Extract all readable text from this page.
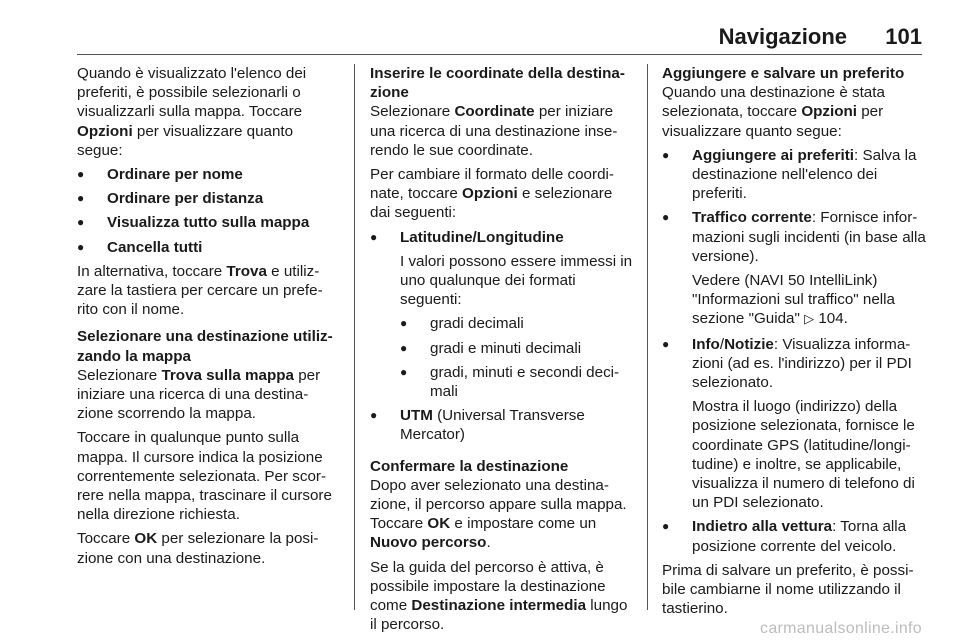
Navigazione 101

Quando è visualizzato l'elenco dei preferiti, è possibile selezionarli o visualizzarli sulla mappa. Toccare Opzioni per visualizzare quanto segue:

● Ordinare per nome
● Ordinare per distanza
● Visualizza tutto sulla mappa
● Cancella tutti

In alternativa, toccare Trova e utiliz-zare la tastiera per cercare un prefe-rito con il nome.

Selezionare una destinazione utiliz-zando la mappa

Selezionare Trova sulla mappa per iniziare una ricerca di una destina-zione scorrendo la mappa.

Toccare in qualunque punto sulla mappa. Il cursore indica la posizione correntemente selezionata. Per scor-rere nella mappa, trascinare il cursore nella direzione richiesta.

Toccare OK per selezionare la posi-zione con una destinazione.

Inserire le coordinate della destina-zione

Selezionare Coordinate per iniziare una ricerca di una destinazione inse-rendo le sue coordinate.

Per cambiare il formato delle coordi-nate, toccare Opzioni e selezionare dai seguenti:

● Latitudine/Longitudine

I valori possono essere immessi in uno qualunque dei formati seguenti:

● gradi decimali
● gradi e minuti decimali
● gradi, minuti e secondi deci-mali
● UTM (Universal Transverse Mercator)

Confermare la destinazione

Dopo aver selezionato una destina-zione, il percorso appare sulla mappa. Toccare OK e impostare come un Nuovo percorso.

Se la guida del percorso è attiva, è possibile impostare la destinazione come Destinazione intermedia lungo il percorso.

Aggiungere e salvare un preferito

Quando una destinazione è stata selezionata, toccare Opzioni per visualizzare quanto segue:

● Aggiungere ai preferiti: Salva la destinazione nell'elenco dei preferiti.
● Traffico corrente: Fornisce infor-mazioni sugli incidenti (in base alla versione).

Vedere (NAVI 50 IntelliLink) "Informazioni sul traffico" nella sezione "Guida" ▷ 104.

● Info/Notizie: Visualizza informa-zioni (ad es. l'indirizzo) per il PDI selezionato.

Mostra il luogo (indirizzo) della posizione selezionata, fornisce le coordinate GPS (latitudine/longi-tudine) e inoltre, se applicabile, visualizza il numero di telefono di un PDI selezionato.

● Indietro alla vettura: Torna alla posizione corrente del veicolo.

Prima di salvare un preferito, è possi-bile cambiarne il nome utilizzando il tastierino.

carmanualsonline.info
